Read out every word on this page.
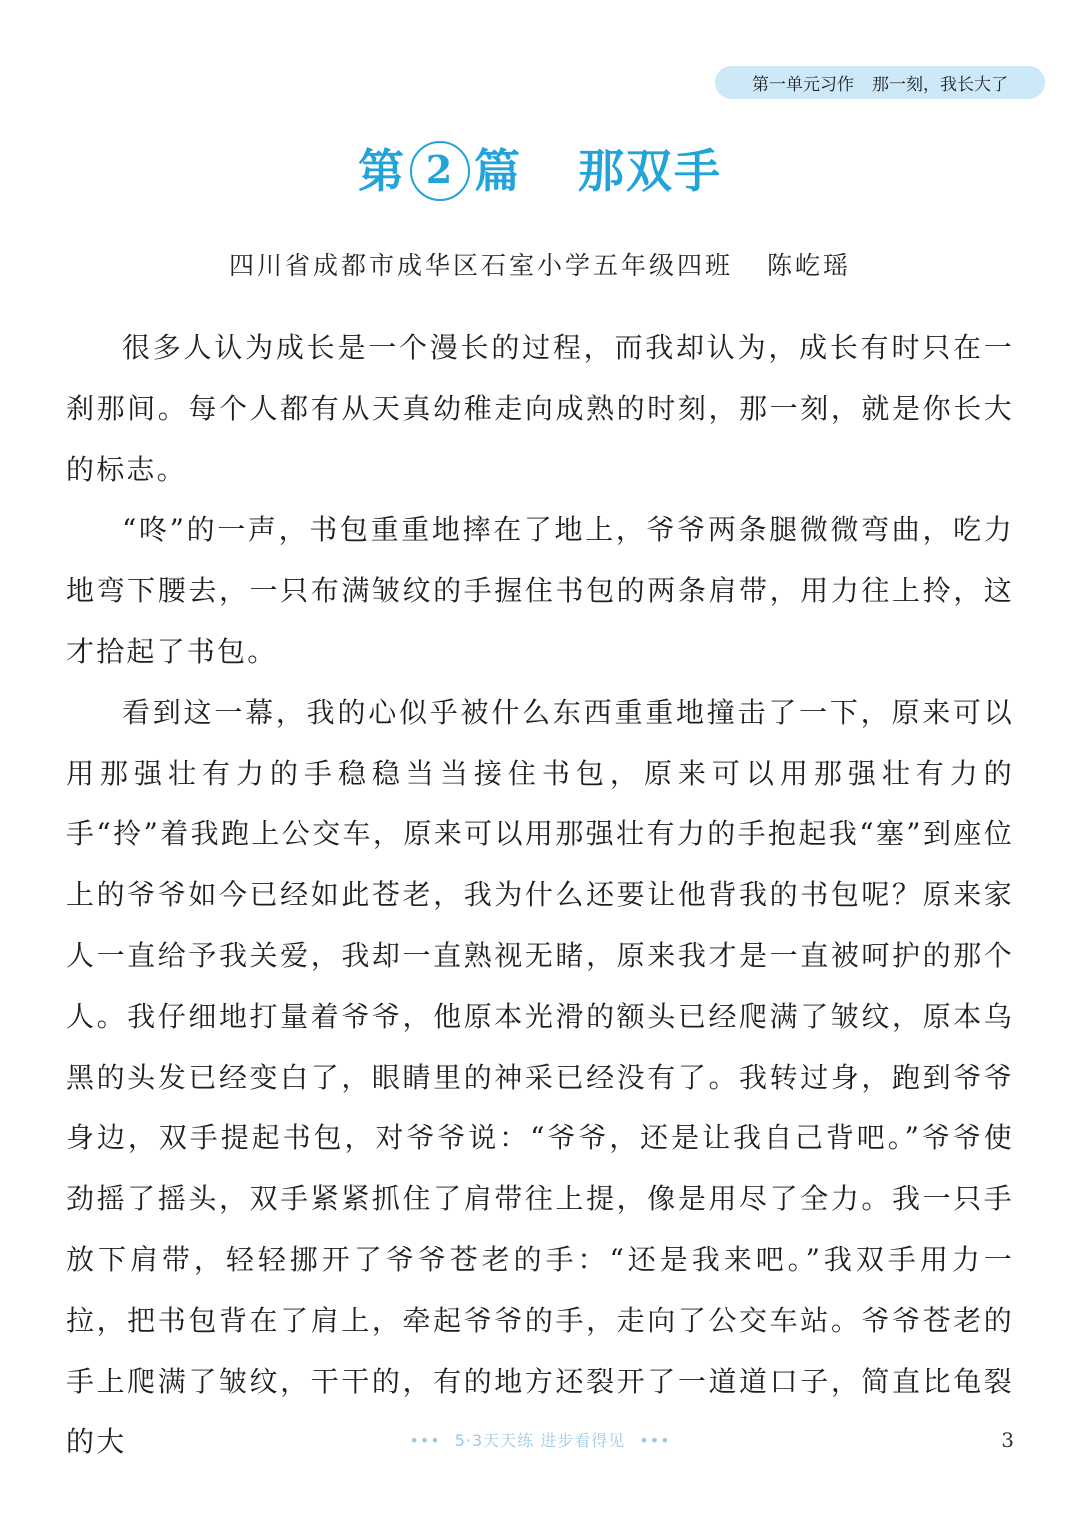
第一单元习作 那一刻，我长大了
第 2 篇 那双手
四川省成都市成华区石室小学五年级四班 陈屹瑶

很多人认为成长是一个漫长的过程，而我却认为，成长有时只在一刹那间。每个人都有从天真幼稚走向成熟的时刻，那一刻，就是你长大的标志。

“咚”的一声，书包重重地摔在了地上，爷爷两条腿微微弯曲，吃力地弯下腰去，一只布满皱纹的手握住书包的两条肩带，用力往上拎，这才拾起了书包。

看到这一幕，我的心似乎被什么东西重重地撞击了一下，原来可以用那强壮有力的手稳稳当当接住书包，原来可以用那强壮有力的手“拎”着我跑上公交车，原来可以用那强壮有力的手抱起我“塞”到座位上的爷爷如今已经如此苍老，我为什么还要让他背我的书包呢？原来家人一直给予我关爱，我却一直熟视无睹，原来我才是一直被呵护的那个人。我仔细地打量着爷爷，他原本光滑的额头已经爬满了皱纹，原本乌黑的头发已经变白了，眼睛里的神采已经没有了。我转过身，跑到爷爷身边，双手提起书包，对爷爷说：“爷爷，还是让我自己背吧。”爷爷使劲摇了摇头，双手紧紧抓住了肩带往上提，像是用尽了全力。我一只手放下肩带，轻轻挪开了爷爷苍老的手：“还是我来吧。”我双手用力一拉，把书包背在了肩上，牵起爷爷的手，走向了公交车站。爷爷苍老的手上爬满了皱纹，干干的，有的地方还裂开了一道道口子，简直比龟裂的大	••• 5·3天天练 进步看得见 •••	3
